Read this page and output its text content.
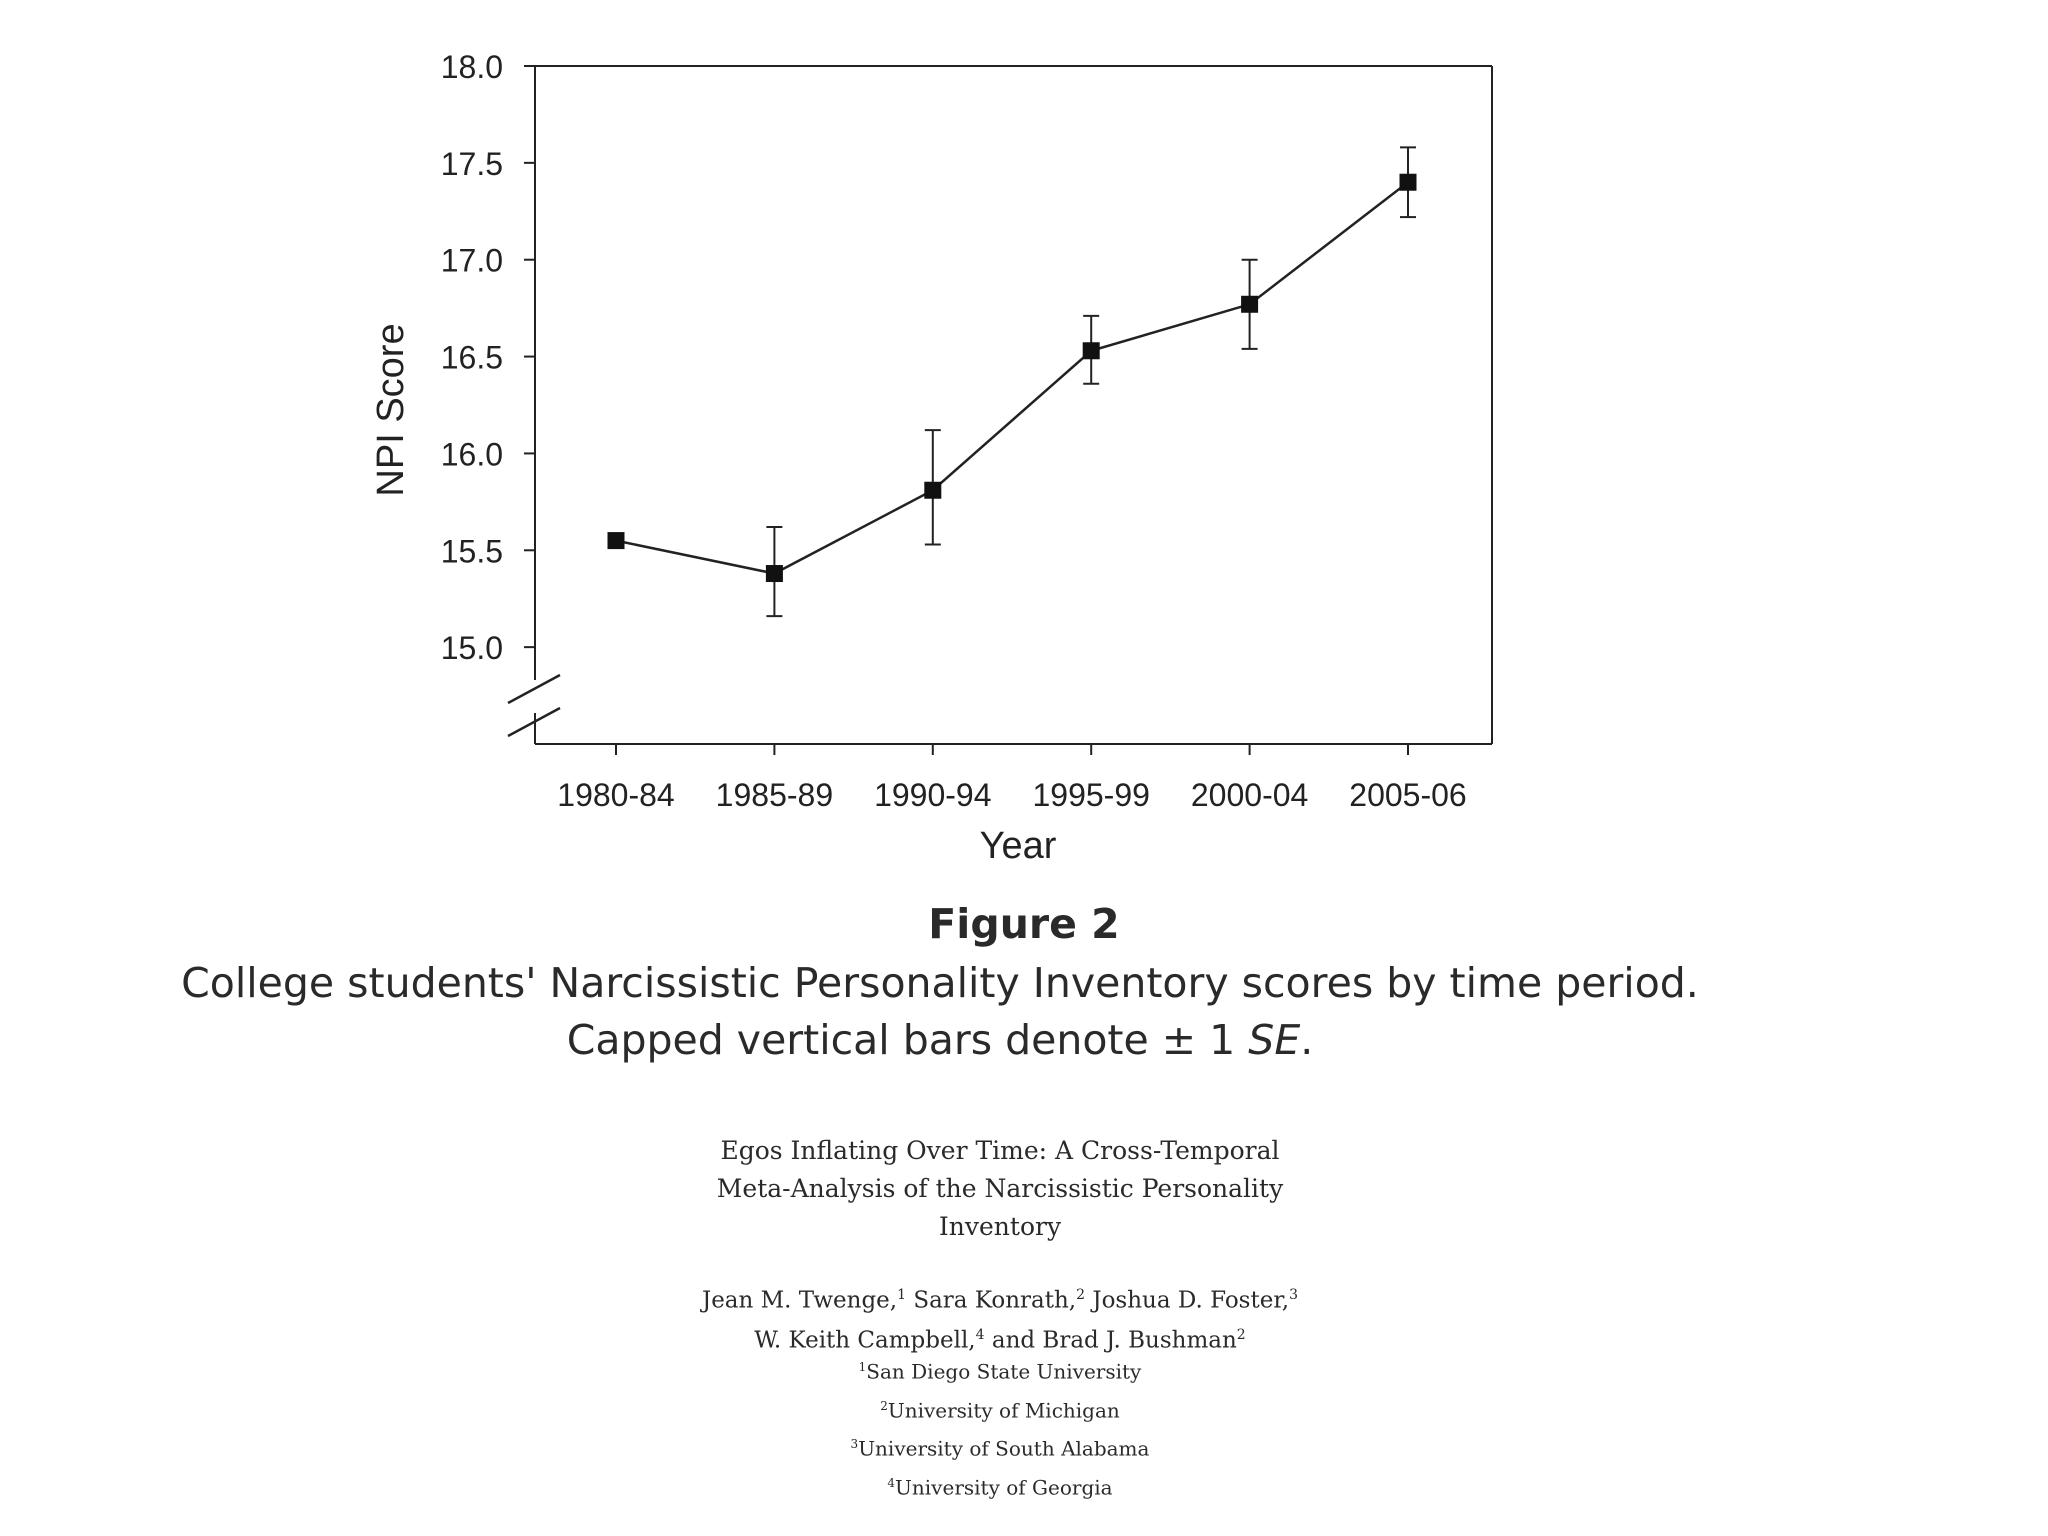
15.0
15.5
16.0
16.5
17.0
17.5
18.0
1980-84 1985-89 1990-94 1995-99 2000-04 2005-06
Year
NPI Score
Figure 2
College students' Narcissistic Personality Inventory scores by time period. Capped vertical bars denote ± 1 SE.
Egos Inflating Over Time: A Cross-Temporal
Meta-Analysis of the Narcissistic Personality
Inventory
Jean M. Twenge,$^1$ Sara Konrath,$^2$ Joshua D. Foster,$^3$
W. Keith Campbell,$^4$ and Brad J. Bushman$^2$
$^1$San Diego State University
$^2$University of Michigan
$^3$University of South Alabama
$^4$University of Georgia
